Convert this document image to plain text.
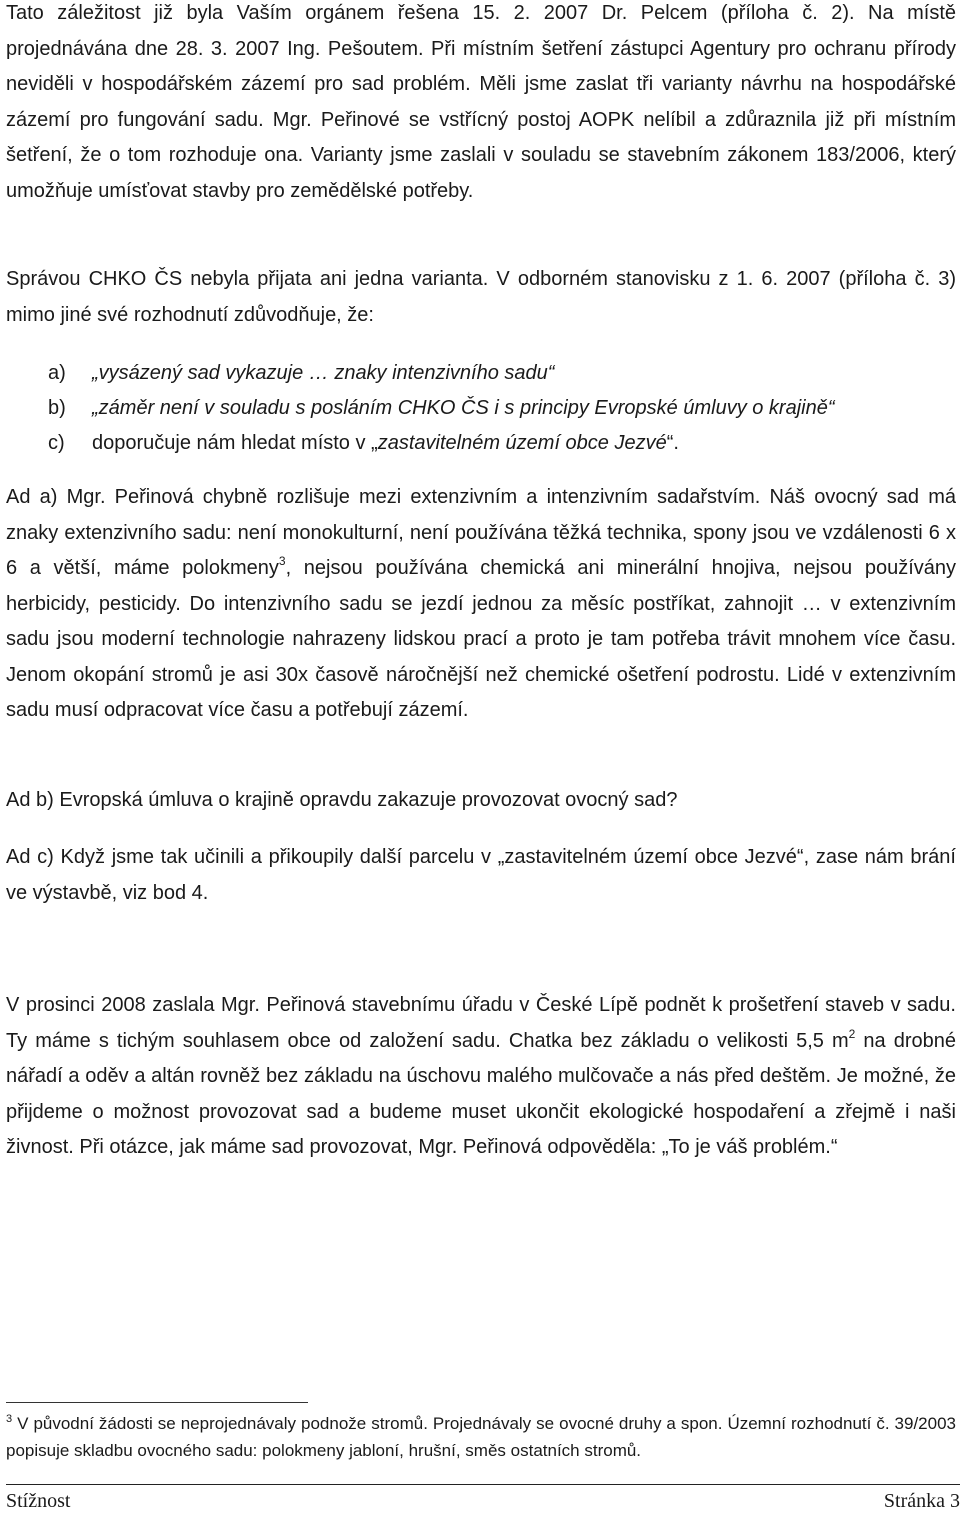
Tato záležitost již byla Vaším orgánem řešena 15. 2. 2007 Dr. Pelcem (příloha č. 2). Na místě projednávána dne 28. 3. 2007 Ing. Pešoutem. Při místním šetření zástupci Agentury pro ochranu přírody neviděli v hospodářském zázemí pro sad problém. Měli jsme zaslat tři varianty návrhu na hospodářské zázemí pro fungování sadu. Mgr. Peřinové se vstřícný postoj AOPK nelíbil a zdůraznila již při místním šetření, že o tom rozhoduje ona. Varianty jsme zaslali v souladu se stavebním zákonem 183/2006, který umožňuje umísťovat stavby pro zemědělské potřeby.

Správou CHKO ČS nebyla přijata ani jedna varianta. V odborném stanovisku z 1. 6. 2007 (příloha č. 3) mimo jiné své rozhodnutí zdůvodňuje, že:

a) „vysázený sad vykazuje … znaky intenzivního sadu“
b) „záměr není v souladu s posláním CHKO ČS i s principy Evropské úmluvy o krajině“
c) doporučuje nám hledat místo v „zastavitelném území obce Jezvé“.

Ad a) Mgr. Peřinová chybně rozlišuje mezi extenzivním a intenzivním sadařstvím. Náš ovocný sad má znaky extenzivního sadu: není monokulturní, není používána těžká technika, spony jsou ve vzdálenosti 6 x 6 a větší, máme polokmeny$^3$, nejsou používána chemická ani minerální hnojiva, nejsou používány herbicidy, pesticidy. Do intenzivního sadu se jezdí jednou za měsíc postříkat, zahnojit … v extenzivním sadu jsou moderní technologie nahrazeny lidskou prací a proto je tam potřeba trávit mnohem více času. Jenom okopání stromů je asi 30x časově náročnější než chemické ošetření podrostu. Lidé v extenzivním sadu musí odpracovat více času a potřebují zázemí.

Ad b) Evropská úmluva o krajině opravdu zakazuje provozovat ovocný sad?

Ad c) Když jsme tak učinili a přikoupily další parcelu v „zastavitelném území obce Jezvé“, zase nám brání ve výstavbě, viz bod 4.

V prosinci 2008 zaslala Mgr. Peřinová stavebnímu úřadu v České Lípě podnět k prošetření staveb v sadu. Ty máme s tichým souhlasem obce od založení sadu. Chatka bez základu o velikosti 5,5 $m^2$ na drobné nářadí a oděv a altán rovněž bez základu na úschovu malého mulčovače a nás před deštěm. Je možné, že přijdeme o možnost provozovat sad a budeme muset ukončit ekologické hospodaření a zřejmě i naši živnost. Při otázce, jak máme sad provozovat, Mgr. Peřinová odpověděla: „To je váš problém.“

$^3$ V původní žádosti se neprojednávaly podnože stromů. Projednávaly se ovocné druhy a spon. Územní rozhodnutí č. 39/2003 popisuje skladbu ovocného sadu: polokmeny jabloní, hrušní, směs ostatních stromů.
Stížnost	Stránka 3
